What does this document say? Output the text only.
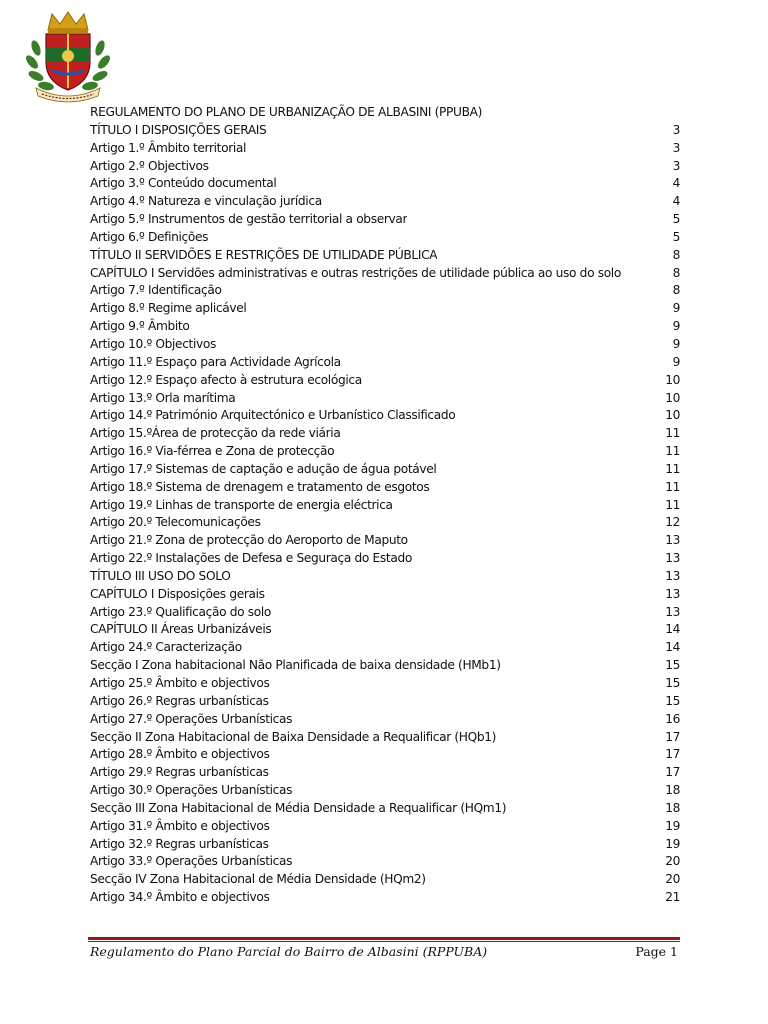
REGULAMENTO DO PLANO DE URBANIZAÇÃO DE ALBASINI (PPUBA)
TÍTULO I DISPOSIÇÕES GERAIS	3
Artigo 1.º Âmbito territorial	3
Artigo 2.º Objectivos	3
Artigo 3.º Conteúdo documental	4
Artigo 4.º Natureza e vinculação jurídica	4
Artigo 5.º Instrumentos de gestão territorial a observar	5
Artigo 6.º Definições	5
TÍTULO II SERVIDÕES E RESTRIÇÕES DE UTILIDADE PÚBLICA	8
CAPÍTULO I Servidões administrativas e outras restrições de utilidade pública ao uso do solo	8
Artigo 7.º Identificação	8
Artigo 8.º Regime aplicável	9
Artigo 9.º Âmbito	9
Artigo 10.º Objectivos	9
Artigo 11.º Espaço para Actividade Agrícola	9
Artigo 12.º Espaço afecto à estrutura ecológica	10
Artigo 13.º Orla marítima	10
Artigo 14.º Património Arquitectónico e Urbanístico Classificado	10
Artigo 15.ºÁrea de protecção da rede viária	11
Artigo 16.º Via-férrea e Zona de protecção	11
Artigo 17.º Sistemas de captação e adução de água potável	11
Artigo 18.º Sistema de drenagem e tratamento de esgotos	11
Artigo 19.º Linhas de transporte de energia eléctrica	11
Artigo 20.º Telecomunicações	12
Artigo 21.º Zona de protecção do Aeroporto de Maputo	13
Artigo 22.º Instalações de Defesa e Seguraça do Estado	13
TÍTULO III USO DO SOLO	13
CAPÍTULO I Disposições gerais	13
Artigo 23.º Qualificação do solo	13
CAPÍTULO II Áreas Urbanizáveis	14
Artigo 24.º Caracterização	14
Secção I Zona habitacional Não Planificada de baixa densidade (HMb1)	15
Artigo 25.º Âmbito e objectivos	15
Artigo 26.º Regras urbanísticas	15
Artigo 27.º Operações Urbanísticas	16
Secção II Zona Habitacional de Baixa Densidade a Requalificar (HQb1)	17
Artigo 28.º Âmbito e objectivos	17
Artigo 29.º Regras urbanísticas	17
Artigo 30.º Operações Urbanísticas	18
Secção III Zona Habitacional de Média Densidade a Requalificar (HQm1)	18
Artigo 31.º Âmbito e objectivos	19
Artigo 32.º Regras urbanísticas	19
Artigo 33.º Operações Urbanísticas	20
Secção IV Zona Habitacional de Média Densidade (HQm2)	20
Artigo 34.º Âmbito e objectivos	21
Regulamento do Plano Parcial do Bairro de Albasini (RPPUBA)	Page 1
